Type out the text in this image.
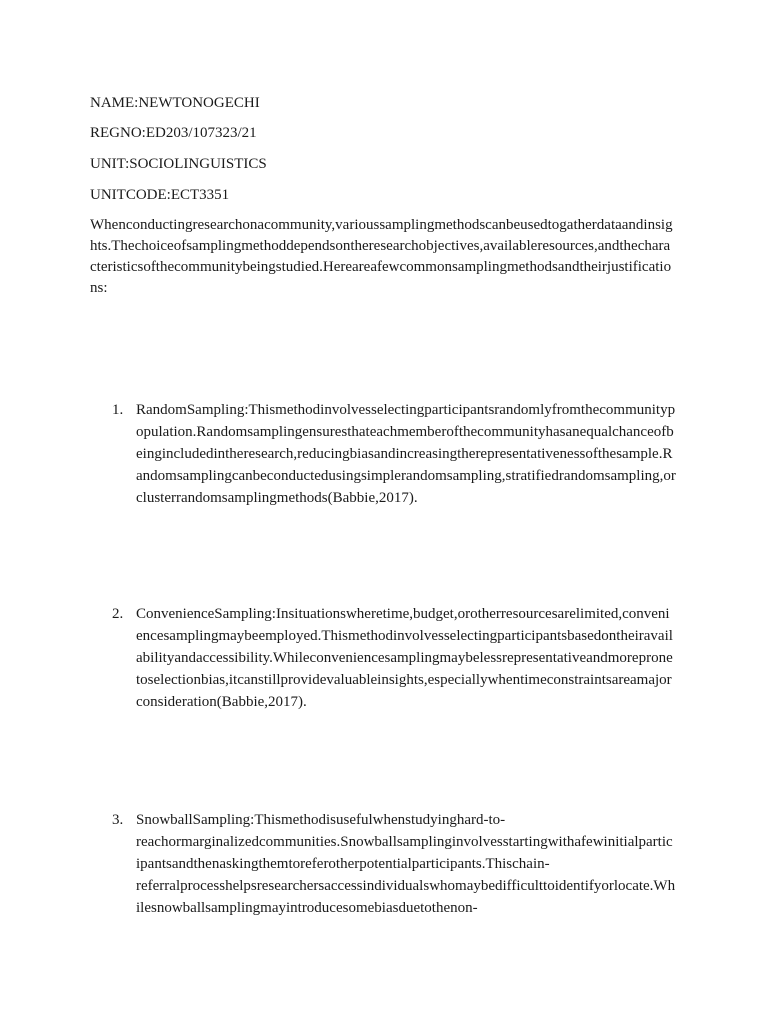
NAME:NEWTONOGECHI

REGNO:ED203/107323/21

UNIT:SOCIOLINGUISTICS

UNITCODE:ECT3351

Whenconductingresearchonacommunity,varioussamplingmethodscanbeusedtogatherdataandinsig
hts.Thechoiceofsamplingmethoddependsontheresearchobjectives,availableresources,andthechara
cteristicsofthecommunitybeingstudied.Hereareafewcommonsamplingmethodsandtheirjustificatio
ns:
1. RandomSampling:Thismethodinvolvesselectingparticipantsrandomlyfromthecommunityp
opulation.Randomsamplingensuresthateachmemberofthecommunityhasanequalchanceofb
eingincludedintheresearch,reducingbiasandincreasingtherepresentativenessofthesample.R
andomsamplingcanbeconductedusingsimplerandomsampling,stratifiedrandomsampling,or
clusterrandomsamplingmethods(Babbie,2017).
2. ConvenienceSampling:Insituationswheretime,budget,orotherresourcesarelimited,conveni
encesamplingmaybeemployed.Thismethodinvolvesselectingparticipantsbasedontheiravail
abilityandaccessibility.Whileconveniencesamplingmaybelessrepresentativeandmoreprone
toselectionbias,itcanstillprovidevaluableinsights,especiallywhentimeconstraintsareamajor
consideration(Babbie,2017).
3. SnowballSampling:Thismethodisusefulwhenstudyinghard-to-
reachormarginalizedcommunities.Snowballsamplinginvolvesstartingwithafewinitialpartic
ipantsandthenaskingthemtoreferotherpotentialparticipants.Thischain-
referralprocesshelpsresearchersaccessindividualswhomaybedifficulttoidentifyorlocate.Wh
ilesnowballsamplingmayintroducesomebiasduetothenon-
